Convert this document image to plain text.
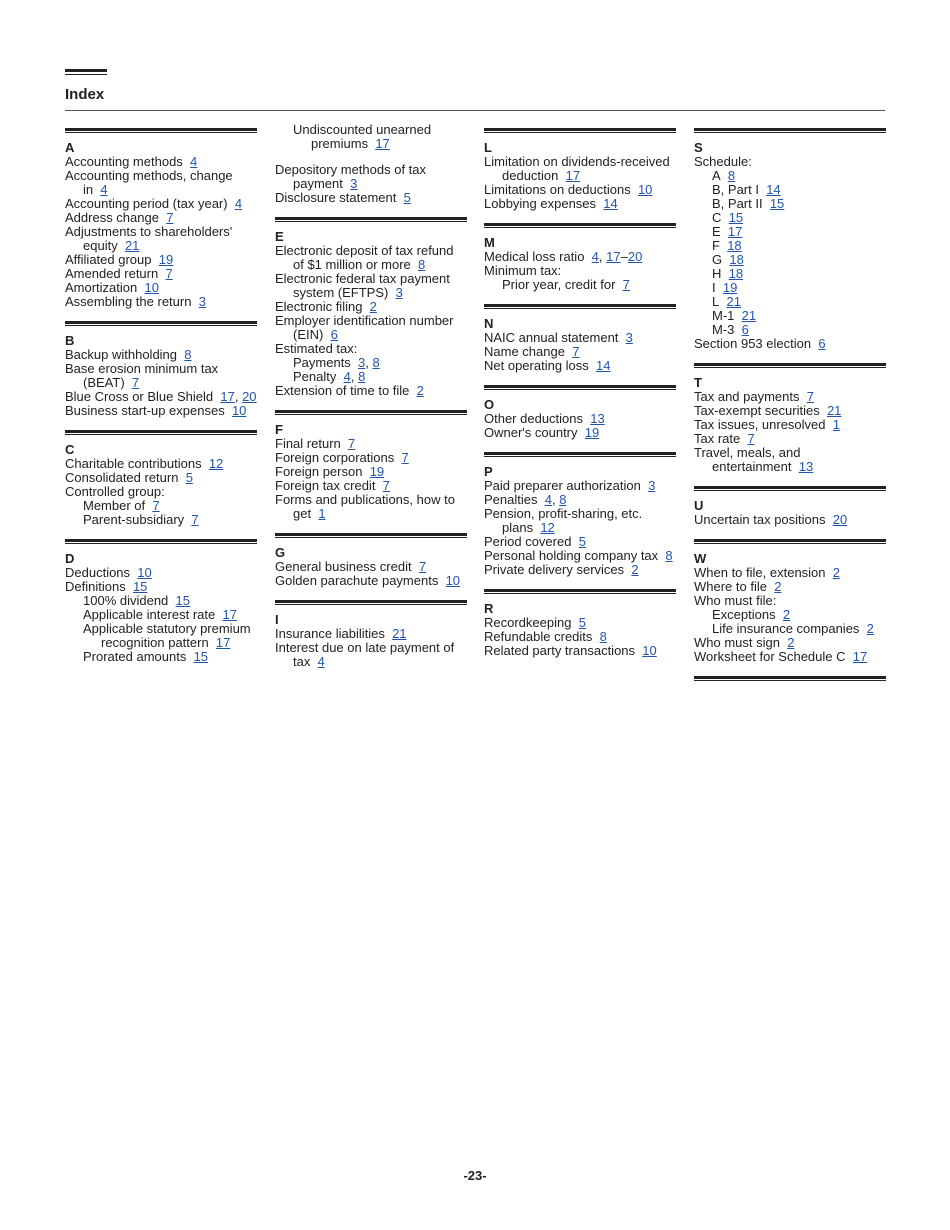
Index
A
Accounting methods 4
Accounting methods, change in 4
Accounting period (tax year) 4
Address change 7
Adjustments to shareholders' equity 21
Affiliated group 19
Amended return 7
Amortization 10
Assembling the return 3
B
Backup withholding 8
Base erosion minimum tax (BEAT) 7
Blue Cross or Blue Shield 17, 20
Business start-up expenses 10
C
Charitable contributions 12
Consolidated return 5
Controlled group:
Member of 7
Parent-subsidiary 7
D
Deductions 10
Definitions 15
100% dividend 15
Applicable interest rate 17
Applicable statutory premium recognition pattern 17
Prorated amounts 15
Undiscounted unearned premiums 17
Depository methods of tax payment 3
Disclosure statement 5
E
Electronic deposit of tax refund of $1 million or more 8
Electronic federal tax payment system (EFTPS) 3
Electronic filing 2
Employer identification number (EIN) 6
Estimated tax:
Payments 3, 8
Penalty 4, 8
Extension of time to file 2
F
Final return 7
Foreign corporations 7
Foreign person 19
Foreign tax credit 7
Forms and publications, how to get 1
G
General business credit 7
Golden parachute payments 10
I
Insurance liabilities 21
Interest due on late payment of tax 4
L
Limitation on dividends-received deduction 17
Limitations on deductions 10
Lobbying expenses 14
M
Medical loss ratio 4, 17–20
Minimum tax:
Prior year, credit for 7
N
NAIC annual statement 3
Name change 7
Net operating loss 14
O
Other deductions 13
Owner's country 19
P
Paid preparer authorization 3
Penalties 4, 8
Pension, profit-sharing, etc. plans 12
Period covered 5
Personal holding company tax 8
Private delivery services 2
R
Recordkeeping 5
Refundable credits 8
Related party transactions 10
S
Schedule:
A 8
B, Part I 14
B, Part II 15
C 15
E 17
F 18
G 18
H 18
I 19
L 21
M-1 21
M-3 6
Section 953 election 6
T
Tax and payments 7
Tax-exempt securities 21
Tax issues, unresolved 1
Tax rate 7
Travel, meals, and entertainment 13
U
Uncertain tax positions 20
W
When to file, extension 2
Where to file 2
Who must file:
Exceptions 2
Life insurance companies 2
Who must sign 2
Worksheet for Schedule C 17
-23-
